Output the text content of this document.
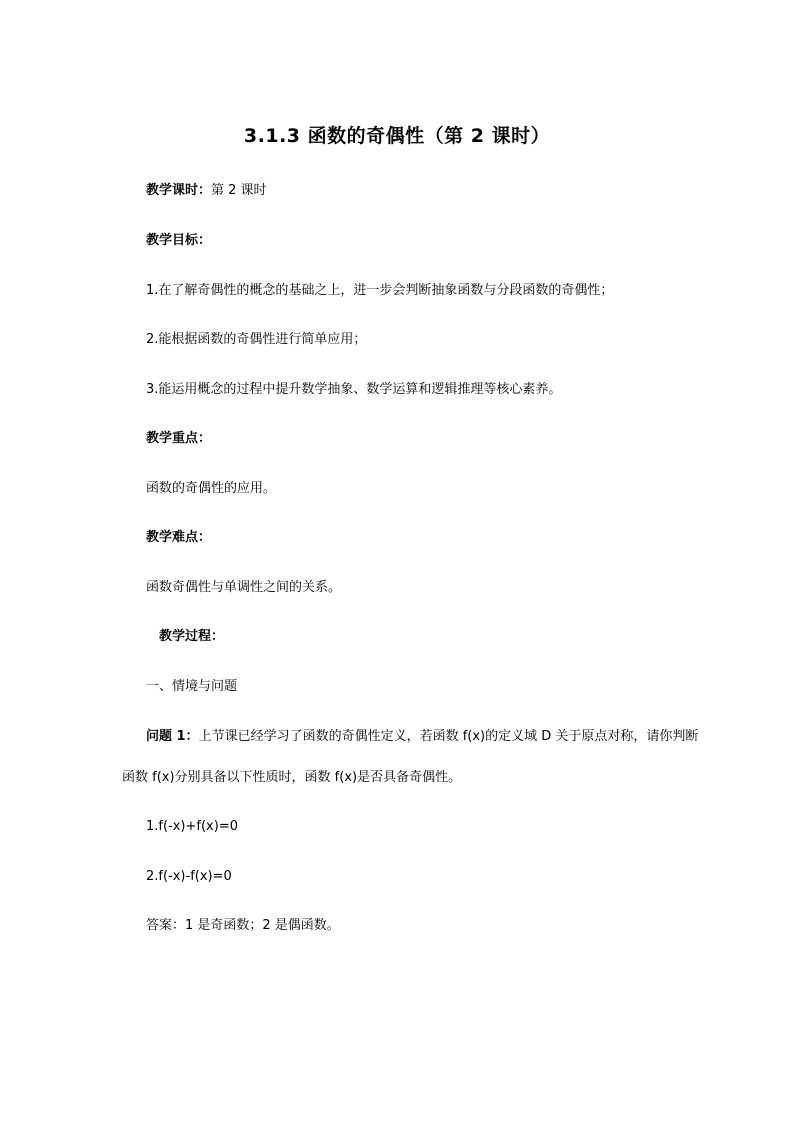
3.1.3 函数的奇偶性（第 2 课时）
教学课时：第 2 课时
教学目标：
1.在了解奇偶性的概念的基础之上，进一步会判断抽象函数与分段函数的奇偶性；
2.能根据函数的奇偶性进行简单应用；
3.能运用概念的过程中提升数学抽象、数学运算和逻辑推理等核心素养。
教学重点：
函数的奇偶性的应用。
教学难点：
函数奇偶性与单调性之间的关系。
教学过程：
一、情境与问题
问题 1：上节课已经学习了函数的奇偶性定义，若函数 f(x)的定义域 D 关于原点对称，请你判断
函数 f(x)分别具备以下性质时，函数 f(x)是否具备奇偶性。
1.f(-x)+f(x)=0
2.f(-x)-f(x)=0
答案：1 是奇函数；2 是偶函数。
